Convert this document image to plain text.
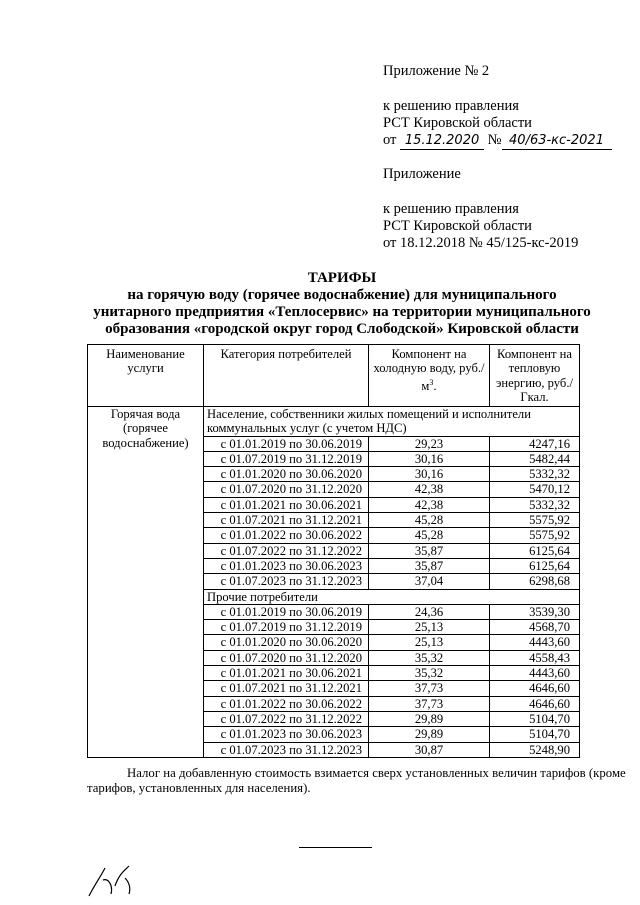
Приложение № 2
к решению правления
РСТ Кировской области
от 15.12.2020 № 40/63-кс-2021
Приложение
к решению правления
РСТ Кировской области
от 18.12.2018 № 45/125-кс-2019
ТАРИФЫ
на горячую воду (горячее водоснабжение) для муниципального
унитарного предприятия «Теплосервис» на территории муниципального
образования «городской округ город Слободской» Кировской области
Наименование услуги	Категория потребителей	Компонент на холодную воду, $руб./м^3$.	Компонент на тепловую энергию, руб./Гкал.
Горячая вода (горячее водоснабжение)	Население, собственники жилых помещений и исполнители коммунальных услуг (с учетом НДС)		
	с 01.01.2019 по 30.06.2019	29,23	4247,16
	с 01.07.2019 по 31.12.2019	30,16	5482,44
	с 01.01.2020 по 30.06.2020	30,16	5332,32
	с 01.07.2020 по 31.12.2020	42,38	5470,12
	с 01.01.2021 по 30.06.2021	42,38	5332,32
	с 01.07.2021 по 31.12.2021	45,28	5575,92
	с 01.01.2022 по 30.06.2022	45,28	5575,92
	с 01.07.2022 по 31.12.2022	35,87	6125,64
	с 01.01.2023 по 30.06.2023	35,87	6125,64
	с 01.07.2023 по 31.12.2023	37,04	6298,68
	Прочие потребители		
	с 01.01.2019 по 30.06.2019	24,36	3539,30
	с 01.07.2019 по 31.12.2019	25,13	4568,70
	с 01.01.2020 по 30.06.2020	25,13	4443,60
	с 01.07.2020 по 31.12.2020	35,32	4558,43
	с 01.01.2021 по 30.06.2021	35,32	4443,60
	с 01.07.2021 по 31.12.2021	37,73	4646,60
	с 01.01.2022 по 30.06.2022	37,73	4646,60
	с 01.07.2022 по 31.12.2022	29,89	5104,70
	с 01.01.2023 по 30.06.2023	29,89	5104,70
	с 01.07.2023 по 31.12.2023	30,87	5248,90
Налог на добавленную стоимость взимается сверх установленных величин тарифов (кроме тарифов, установленных для населения).
